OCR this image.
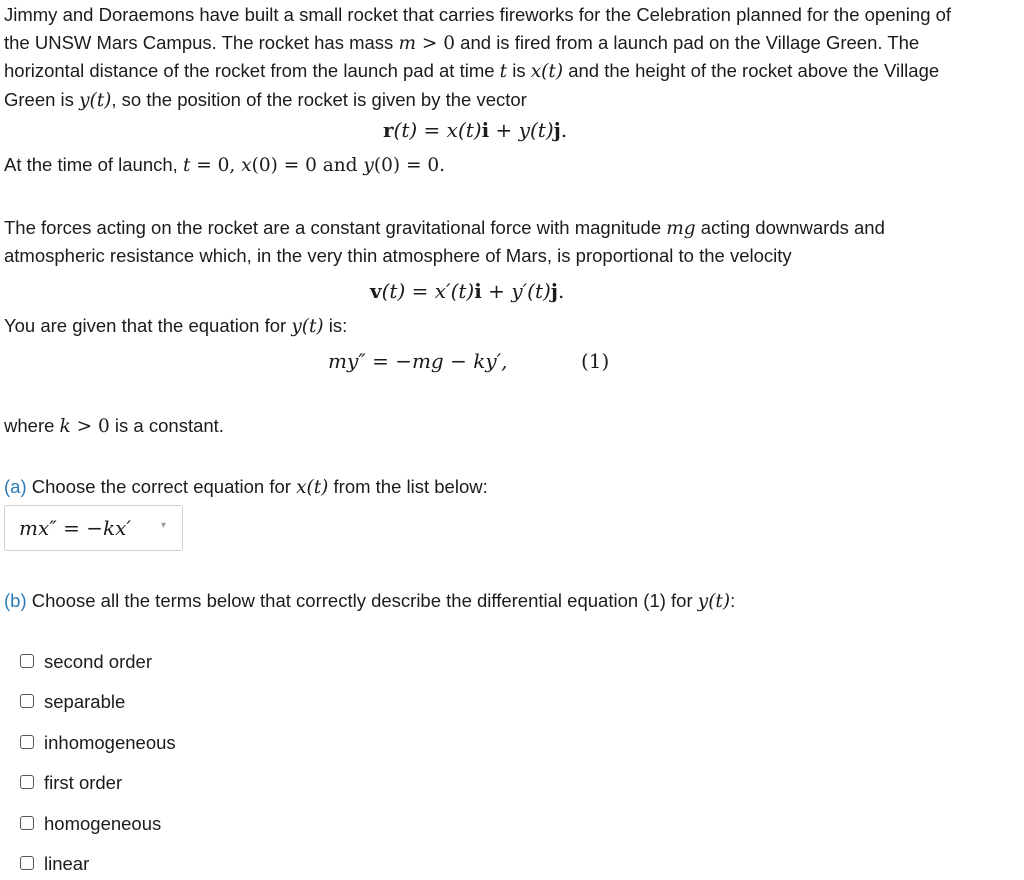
Jimmy and Doraemons have built a small rocket that carries fireworks for the Celebration planned for the opening of
the UNSW Mars Campus. The rocket has mass m > 0 and is fired from a launch pad on the Village Green. The
horizontal distance of the rocket from the launch pad at time t is x(t) and the height of the rocket above the Village
Green is y(t), so the position of the rocket is given by the vector
r(t) = x(t)i + y(t)j.
At the time of launch, t = 0, x(0) = 0 and y(0) = 0.
The forces acting on the rocket are a constant gravitational force with magnitude mg acting downwards and
atmospheric resistance which, in the very thin atmosphere of Mars, is proportional to the velocity
v(t) = x′(t)i + y′(t)j.
You are given that the equation for y(t) is:
my″ = −mg − ky′,	(1)
where k > 0 is a constant.
(a) Choose the correct equation for x(t) from the list below:
mx″ = −kx′	▾
(b) Choose all the terms below that correctly describe the differential equation (1) for y(t):
second order
separable
inhomogeneous
first order
homogeneous
linear
